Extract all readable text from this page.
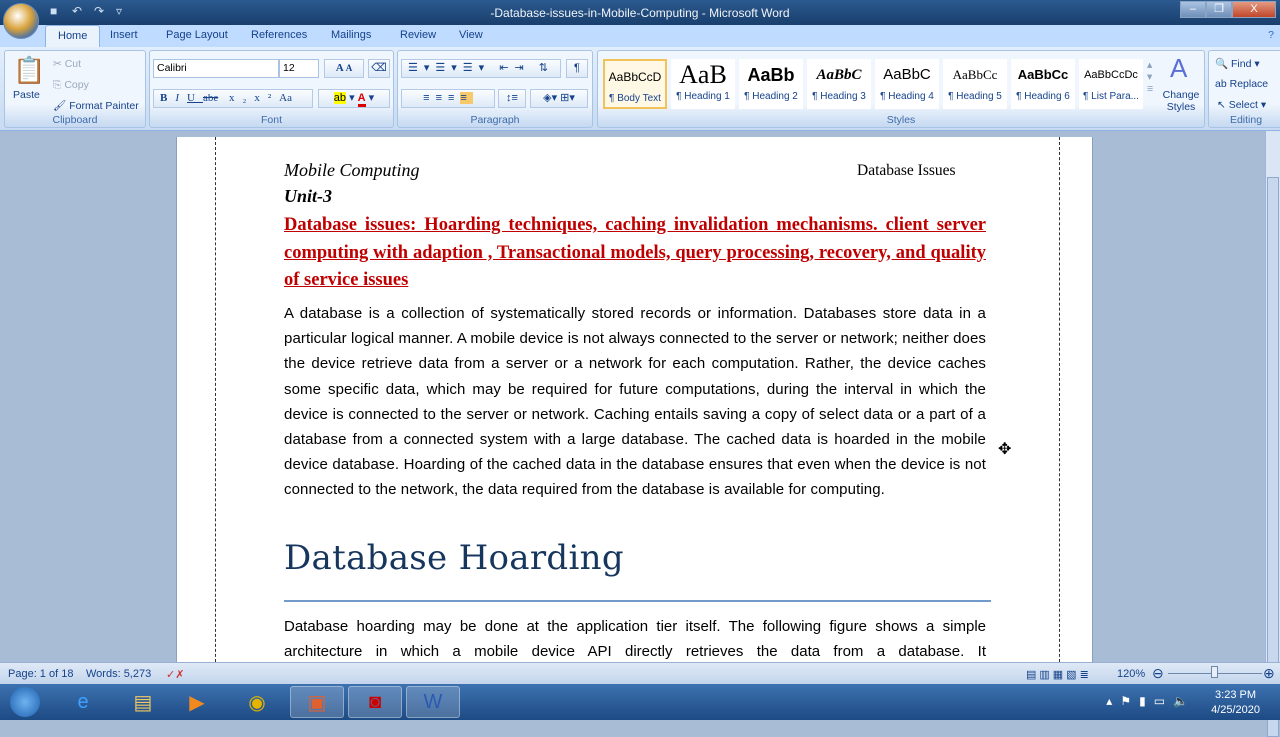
■	↶ ↷ ▿	-Database-issues-in-Mobile-Computing - Microsoft Word	–	❐	X
Home	Insert	Page Layout References Mailings	Review View	?
📋
Paste
✂ Cut
⎘ Copy
🖌 Format Painter
Clipboard
Calibri	12	A A	⌫
BIUabe x₂x²Aa	ab ▾ A ▾
Font
☰▾☰▾☰▾ ⇤⇥ ⇅	¶
≡≡≡≡	↕≡	◈▾ ⊞▾
Paragraph
AaBbCcD
¶ Body Text
AaB
¶ Heading 1
AaBb
¶ Heading 2
AaBbC
¶ Heading 3
AaBbC
¶ Heading 4
AaBbCc
¶ Heading 5
AaBbCc
¶ Heading 6
AaBbCcDc
¶ List Para...
▴
▾
≡
A
Change Styles
Styles
🔍 Find ▾
ab Replace
↖ Select ▾
Editing
Mobile Computing	Database Issues
Unit-3
Database issues: Hoarding techniques, caching invalidation mechanisms. client server computing with adaption , Transactional models, query processing, recovery, and quality of service issues
A database is a collection of systematically stored records or information. Databases store data in a particular logical manner. A mobile device is not always connected to the server or network; neither does the device retrieve data from a server or a network for each computation. Rather, the device caches some specific data, which may be required for future computations, during the interval in which the device is connected to the server or network. Caching entails saving a copy of select data or a part of a database from a connected system with a large database. The cached data is hoarded in the mobile device database. Hoarding of the cached data in the database ensures that even when the device is not connected to the network, the data required from the database is available for computing.
Database Hoarding
Database hoarding may be done at the application tier itself. The following figure shows a simple architecture in which a mobile device API directly retrieves the data from a database. It
✥
Page: 1 of 18 Words: 5,273 ✓✗	▤▥▦▧≣ 120% ⊖	⊕
e	▤	▶	◉	▣	◙	W	▴ ⚑ ▮ ▭ 🔈	3:23 PM
4/25/2020
